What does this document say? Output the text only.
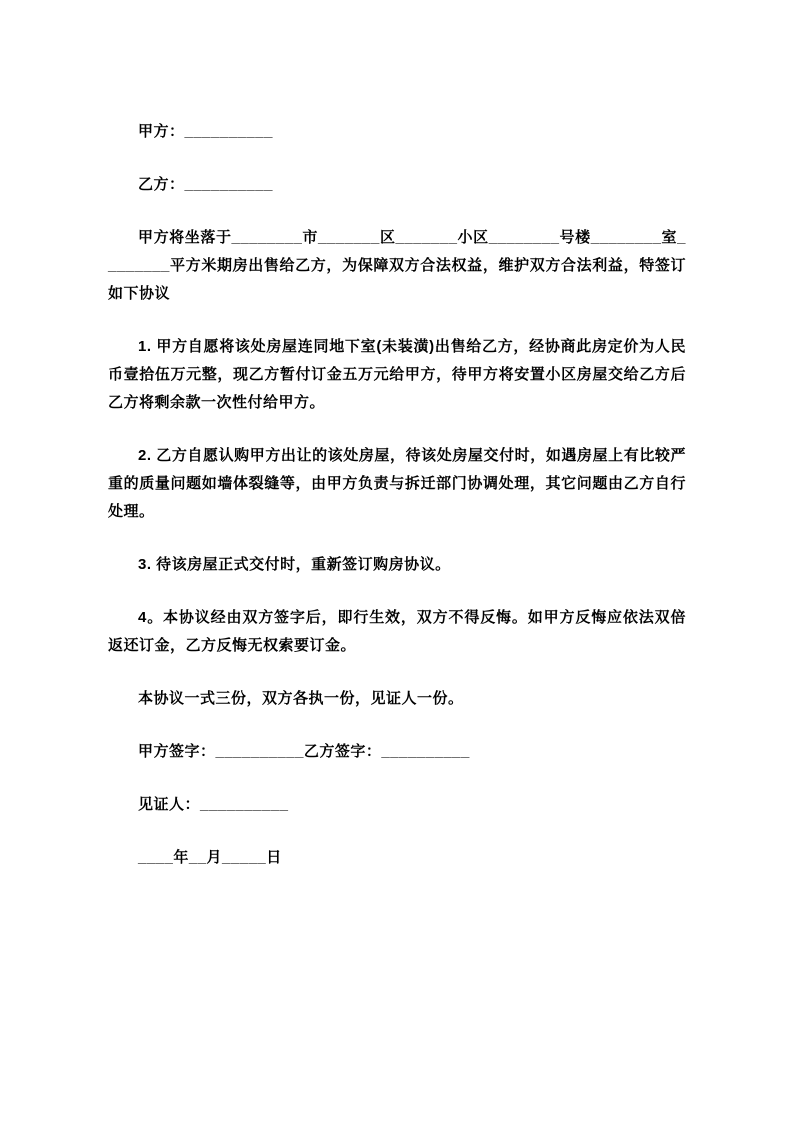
甲方：__________

乙方：__________

甲方将坐落于________市_______区_______小区________号楼________室________平方米期房出售给乙方，为保障双方合法权益，维护双方合法利益，特签订如下协议

1. 甲方自愿将该处房屋连同地下室(未装潢)出售给乙方，经协商此房定价为人民币壹拾伍万元整，现乙方暂付订金五万元给甲方，待甲方将安置小区房屋交给乙方后乙方将剩余款一次性付给甲方。

2. 乙方自愿认购甲方出让的该处房屋，待该处房屋交付时，如遇房屋上有比较严重的质量问题如墙体裂缝等，由甲方负责与拆迁部门协调处理，其它问题由乙方自行处理。

3. 待该房屋正式交付时，重新签订购房协议。

4。本协议经由双方签字后，即行生效，双方不得反悔。如甲方反悔应依法双倍返还订金，乙方反悔无权索要订金。

本协议一式三份，双方各执一份，见证人一份。

甲方签字：__________乙方签字：__________

见证人：__________

____年__月_____日
